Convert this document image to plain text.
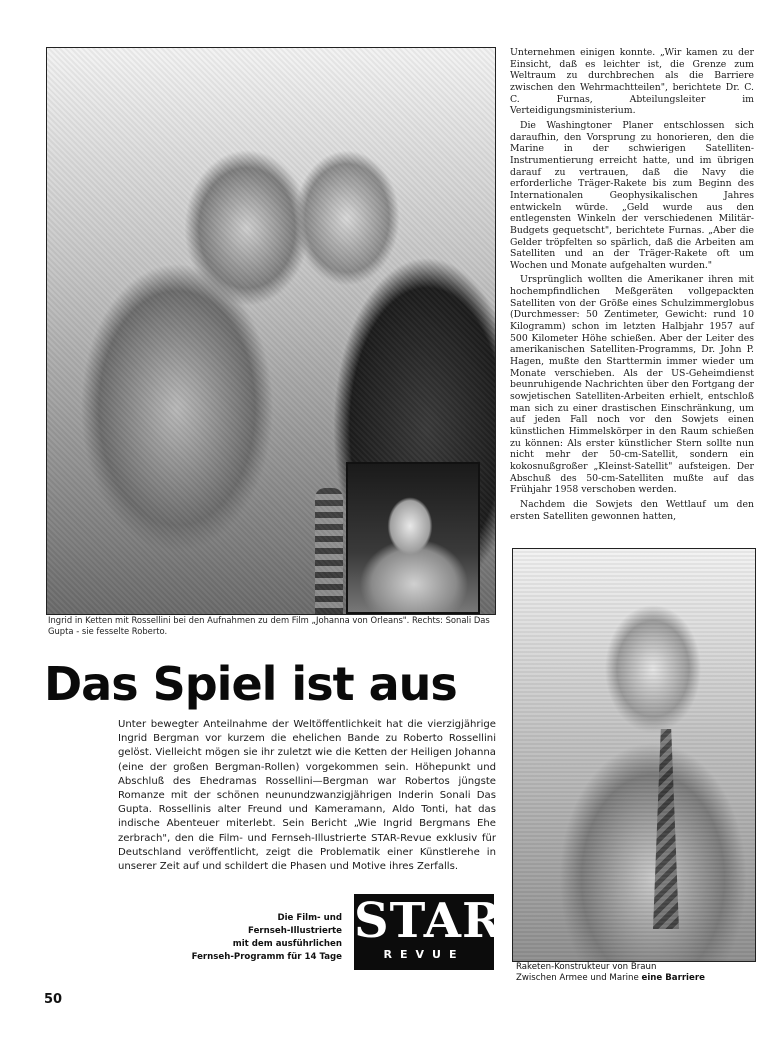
Ingrid in Ketten mit Rossellini bei den Aufnahmen zu dem Film „Johanna von Orleans". Rechts: Sonali Das Gupta - sie fesselte Roberto.
Das Spiel ist aus
Unter bewegter Anteilnahme der Weltöffentlichkeit hat die vierzigjährige Ingrid Bergman vor kurzem die ehelichen Bande zu Roberto Rossellini gelöst. Vielleicht mögen sie ihr zuletzt wie die Ketten der Heiligen Johanna (eine der großen Bergman-Rollen) vorgekommen sein. Höhepunkt und Abschluß des Ehedramas Rossellini—Bergman war Robertos jüngste Romanze mit der schönen neunundzwanzigjährigen Inderin Sonali Das Gupta. Rossellinis alter Freund und Kameramann, Aldo Tonti, hat das indische Abenteuer miterlebt. Sein Bericht „Wie Ingrid Bergmans Ehe zerbrach", den die Film- und Fernseh-Illustrierte STAR-Revue exklusiv für Deutschland veröffentlicht, zeigt die Problematik einer Künstlerehe in unserer Zeit auf und schildert die Phasen und Motive ihres Zerfalls.
Die Film- und
Fernseh-Illustrierte
mit dem ausführlichen
Fernseh-Programm für 14 Tage
STAR
REVUE
50

Unternehmen einigen konnte. „Wir kamen zu der Einsicht, daß es leichter ist, die Grenze zum Weltraum zu durchbrechen als die Barriere zwischen den Wehrmachtteilen", berichtete Dr. C. C. Furnas, Abteilungsleiter im Verteidigungsministerium.

Die Washingtoner Planer entschlossen sich daraufhin, den Vorsprung zu honorieren, den die Marine in der schwierigen Satelliten-Instrumentierung erreicht hatte, und im übrigen darauf zu vertrauen, daß die Navy die erforderliche Träger-Rakete bis zum Beginn des Internationalen Geophysikalischen Jahres entwickeln würde. „Geld wurde aus den entlegensten Winkeln der verschiedenen Militär-Budgets gequetscht", berichtete Furnas. „Aber die Gelder tröpfelten so spärlich, daß die Arbeiten am Satelliten und an der Träger-Rakete oft um Wochen und Monate aufgehalten wurden."

Ursprünglich wollten die Amerikaner ihren mit hochempfindlichen Meßgeräten vollgepackten Satelliten von der Größe eines Schulzimmerglobus (Durchmesser: 50 Zentimeter, Gewicht: rund 10 Kilogramm) schon im letzten Halbjahr 1957 auf 500 Kilometer Höhe schießen. Aber der Leiter des amerikanischen Satelliten-Programms, Dr. John P. Hagen, mußte den Starttermin immer wieder um Monate verschieben. Als der US-Geheimdienst beunruhigende Nachrichten über den Fortgang der sowjetischen Satelliten-Arbeiten erhielt, entschloß man sich zu einer drastischen Einschränkung, um auf jeden Fall noch vor den Sowjets einen künstlichen Himmelskörper in den Raum schießen zu können: Als erster künstlicher Stern sollte nun nicht mehr der 50-cm-Satellit, sondern ein kokosnußgroßer „Kleinst-Satellit" aufsteigen. Der Abschuß des 50-cm-Satelliten mußte auf das Frühjahr 1958 verschoben werden.

Nachdem die Sowjets den Wettlauf um den ersten Satelliten gewonnen hatten,

Raketen-Konstrukteur von Braun
Zwischen Armee und Marine eine Barriere
